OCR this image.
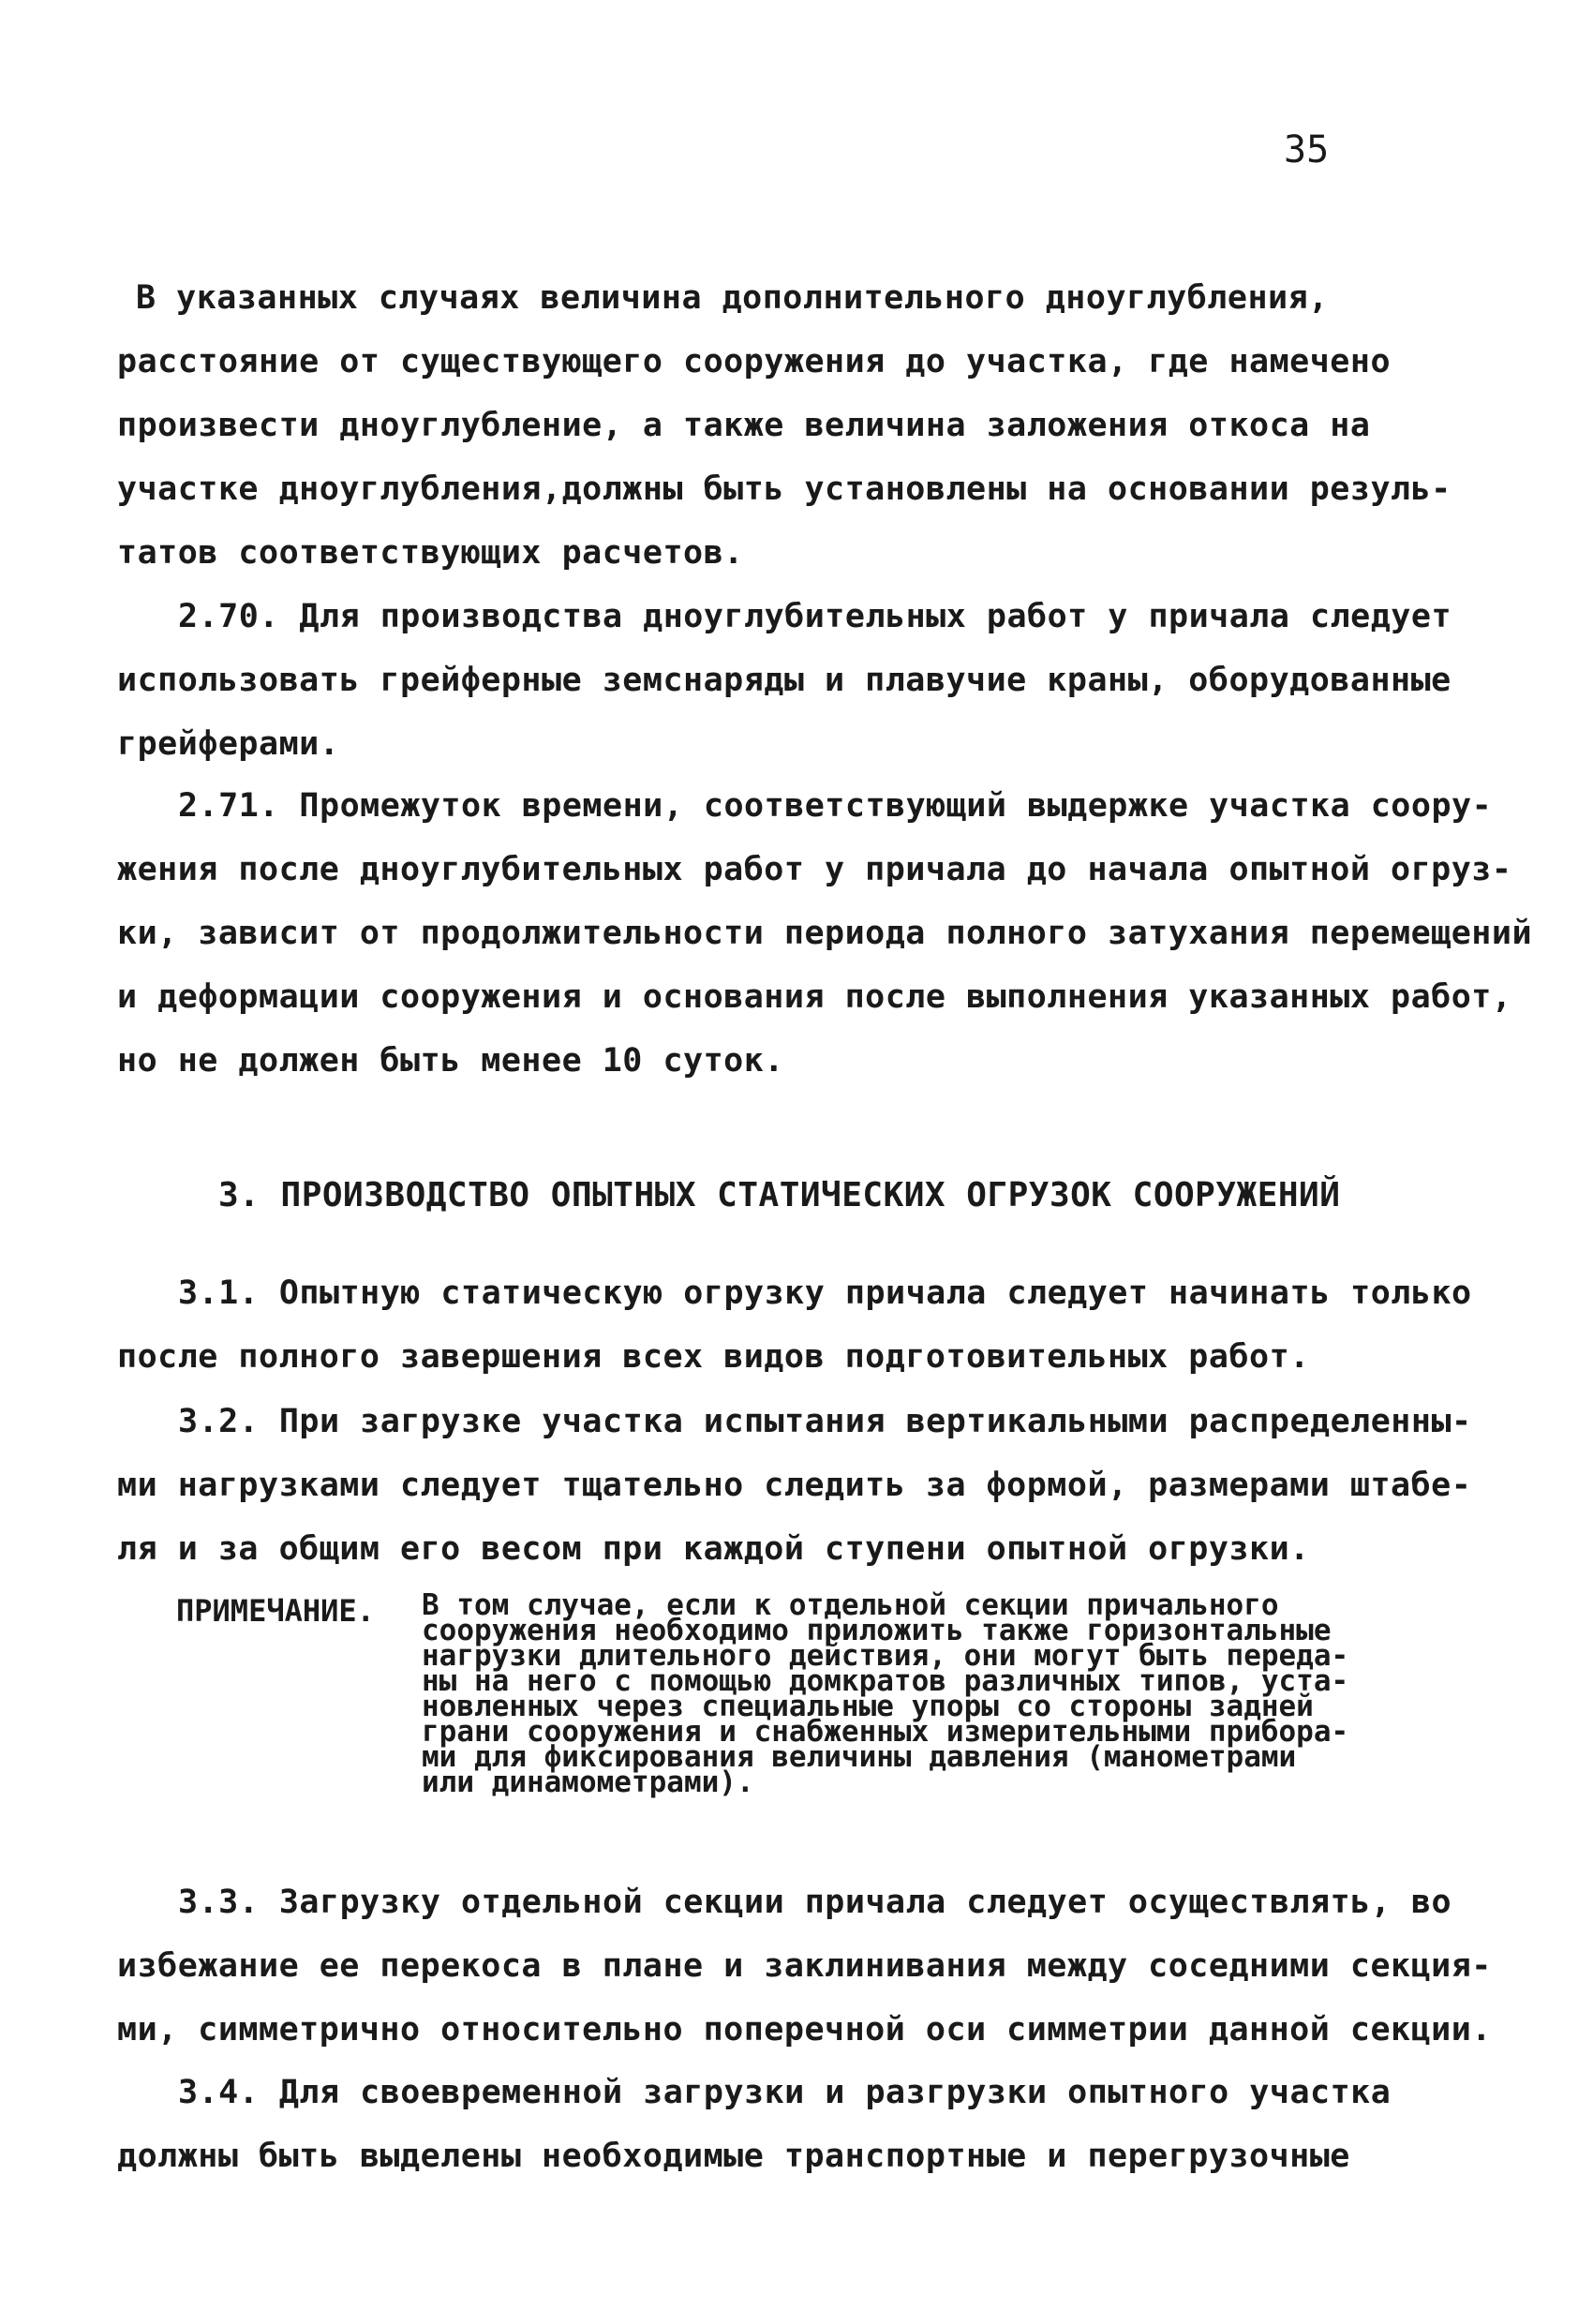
35
В указанных случаях величина дополнительного дноуглубления,
расстояние от существующего сооружения до участка, где намечено
произвести дноуглубление, а также величина заложения откоса на
участке дноуглубления,должны быть установлены на основании резуль-
татов соответствующих расчетов.
2.70. Для производства дноуглубительных работ у причала следует
использовать грейферные земснаряды и плавучие краны, оборудованные
грейферами.
2.71. Промежуток времени, соответствующий выдержке участка соору-
жения после дноуглубительных работ у причала до начала опытной огруз-
ки, зависит от продолжительности периода полного затухания перемещений
и деформации сооружения и основания после выполнения указанных работ,
но не должен быть менее 10 суток.
3. ПРОИЗВОДСТВО ОПЫТНЫХ СТАТИЧЕСКИХ ОГРУЗОК СООРУЖЕНИЙ
3.1. Опытную статическую огрузку причала следует начинать только
после полного завершения всех видов подготовительных работ.
3.2. При загрузке участка испытания вертикальными распределенны-
ми нагрузками следует тщательно следить за формой, размерами штабе-
ля и за общим его весом при каждой ступени опытной огрузки.
ПРИМЕЧАНИЕ. В том случае, если к отдельной секции причального
сооружения необходимо приложить также горизонтальные
нагрузки длительного действия, они могут быть переда-
ны на него с помощью домкратов различных типов, уста-
новленных через специальные упоры со стороны задней
грани сооружения и снабженных измерительными прибора-
ми для фиксирования величины давления (манометрами
или динамометрами).
3.3. Загрузку отдельной секции причала следует осуществлять, во
избежание ее перекоса в плане и заклинивания между соседними секция-
ми, симметрично относительно поперечной оси симметрии данной секции.
3.4. Для своевременной загрузки и разгрузки опытного участка
должны быть выделены необходимые транспортные и перегрузочные
